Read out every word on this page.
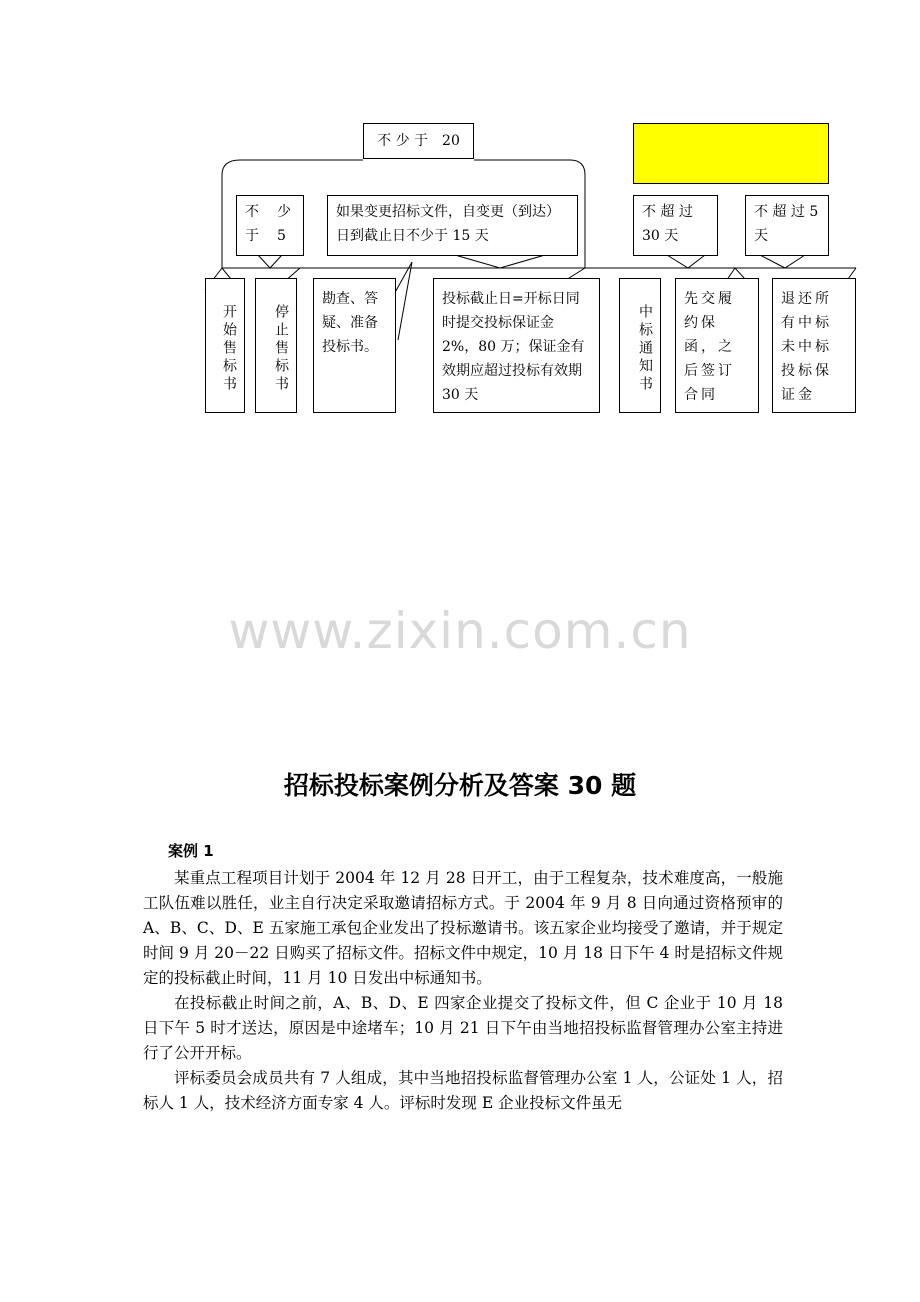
不 少 于　20
不　少　于　5
如果变更招标文件，自变更（到达）日到截止日不少于 15 天
不 超 过 30 天
不 超 过 5 天
开始售标书	停止售标书
勘查、答疑、准备投标书。
投标截止日=开标日同时提交投标保证金 2%，80 万；保证金有效期应超过投标有效期 30 天
中标通知书
先交履约保函，之后签订合同
退还所有中标未中标投标保证金
www.zixin.com.cn
招标投标案例分析及答案 30 题
案例 1

某重点工程项目计划于 2004 年 12 月 28 日开工，由于工程复杂，技术难度高，一般施工队伍难以胜任，业主自行决定采取邀请招标方式。于 2004 年 9 月 8 日向通过资格预审的 A、B、C、D、E 五家施工承包企业发出了投标邀请书。该五家企业均接受了邀请，并于规定时间 9 月 20－22 日购买了招标文件。招标文件中规定，10 月 18 日下午 4 时是招标文件规定的投标截止时间，11 月 10 日发出中标通知书。

在投标截止时间之前，A、B、D、E 四家企业提交了投标文件，但 C 企业于 10 月 18 日下午 5 时才送达，原因是中途堵车；10 月 21 日下午由当地招投标监督管理办公室主持进行了公开开标。

评标委员会成员共有 7 人组成，其中当地招投标监督管理办公室 1 人，公证处 1 人，招标人 1 人，技术经济方面专家 4 人。评标时发现 E 企业投标文件虽无
